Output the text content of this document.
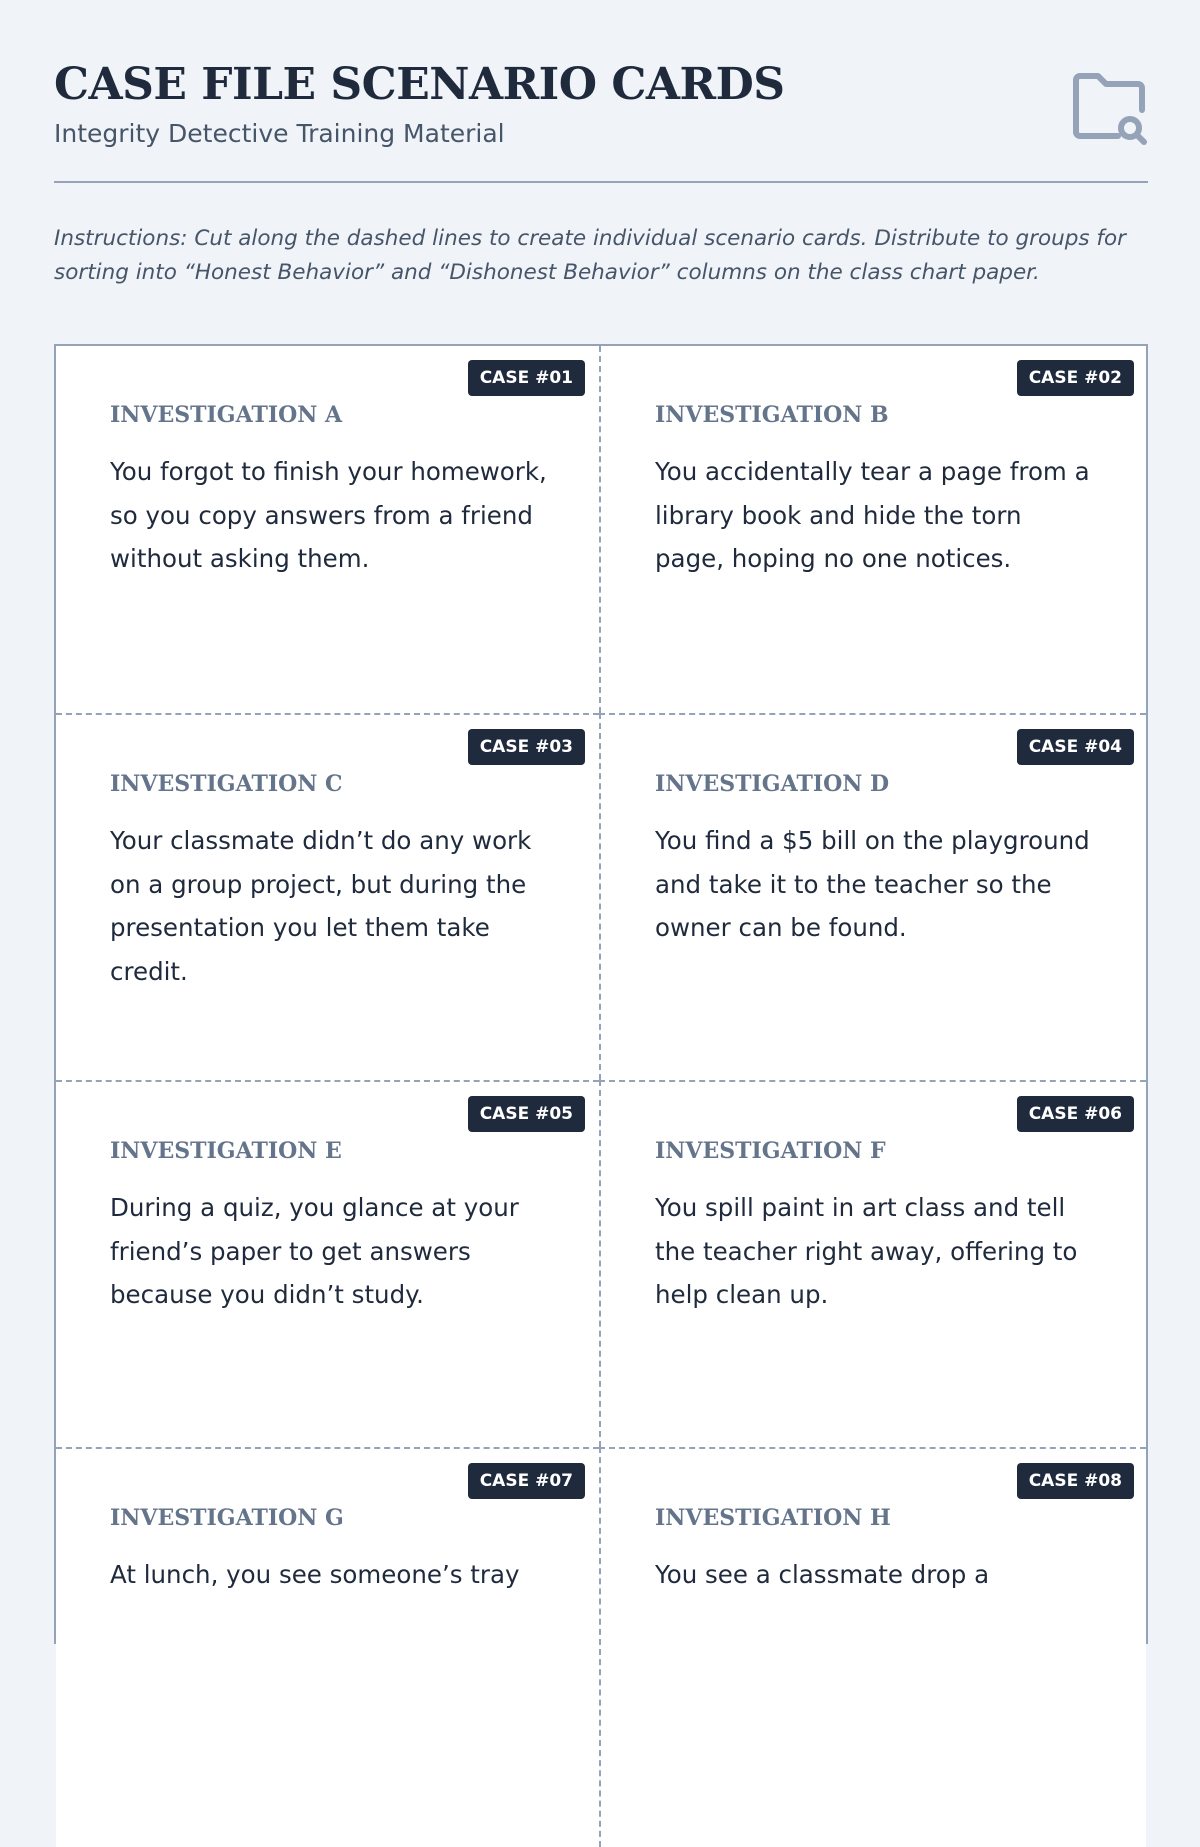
CASE FILE SCENARIO CARDS

Integrity Detective Training Material

Instructions: Cut along the dashed lines to create individual scenario cards. Distribute to groups for sorting into “Honest Behavior” and “Dishonest Behavior” columns on the class chart paper.

CASE #01
INVESTIGATION A

You forgot to finish your homework, so you copy answers from a friend without asking them.

CASE #02
INVESTIGATION B

You accidentally tear a page from a library book and hide the torn page, hoping no one notices.

CASE #03
INVESTIGATION C

Your classmate didn’t do any work on a group project, but during the presentation you let them take credit.

CASE #04
INVESTIGATION D

You find a $5 bill on the playground and take it to the teacher so the owner can be found.

CASE #05
INVESTIGATION E

During a quiz, you glance at your friend’s paper to get answers because you didn’t study.

CASE #06
INVESTIGATION F

You spill paint in art class and tell the teacher right away, offering to help clean up.

CASE #07
INVESTIGATION G

At lunch, you see someone’s tray

CASE #08
INVESTIGATION H

You see a classmate drop a
